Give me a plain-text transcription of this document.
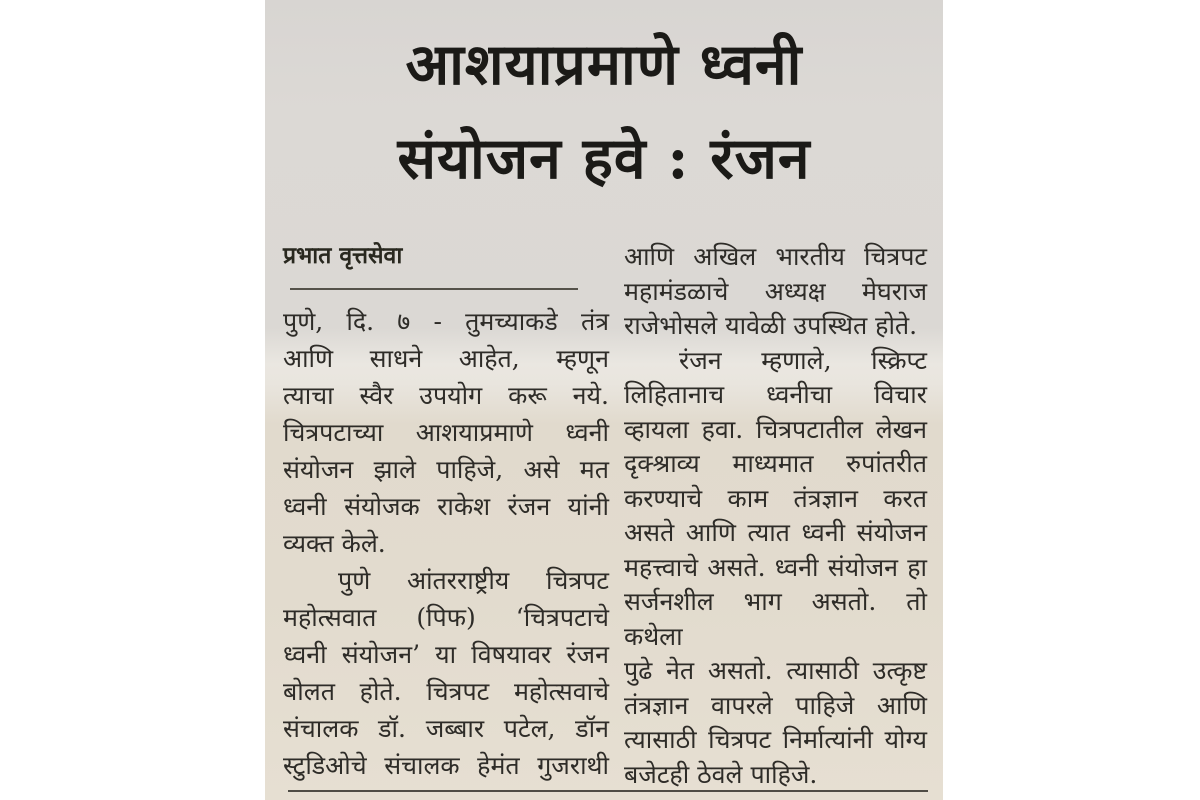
आशयाप्रमाणे ध्वनी
संयोजन हवे : रंजन
प्रभात वृत्तसेवा
पुणे, दि. ७ - तुमच्याकडे तंत्र
आणि साधने आहेत, म्हणून
त्याचा स्वैर उपयोग करू नये.
चित्रपटाच्या आशयाप्रमाणे ध्वनी
संयोजन झाले पाहिजे, असे मत
ध्वनी संयोजक राकेश रंजन यांनी
व्यक्त केले.
पुणे आंतरराष्ट्रीय चित्रपट
महोत्सवात (पिफ) ‘चित्रपटाचे
ध्वनी संयोजन’ या विषयावर रंजन
बोलत होते. चित्रपट महोत्सवाचे
संचालक डॉ. जब्बार पटेल, डॉन
स्टुडिओचे संचालक हेमंत गुजराथी
आणि अखिल भारतीय चित्रपट
महामंडळाचे अध्यक्ष मेघराज
राजेभोसले यावेळी उपस्थित होते.
रंजन म्हणाले, स्क्रिप्ट
लिहितानाच ध्वनीचा विचार
व्हायला हवा. चित्रपटातील लेखन
दृक्श्राव्य माध्यमात रुपांतरीत
करण्याचे काम तंत्रज्ञान करत
असते आणि त्यात ध्वनी संयोजन
महत्त्वाचे असते. ध्वनी संयोजन हा
सर्जनशील भाग असतो. तो कथेला
पुढे नेत असतो. त्यासाठी उत्कृष्ट
तंत्रज्ञान वापरले पाहिजे आणि
त्यासाठी चित्रपट निर्मात्यांनी योग्य
बजेटही ठेवले पाहिजे.
